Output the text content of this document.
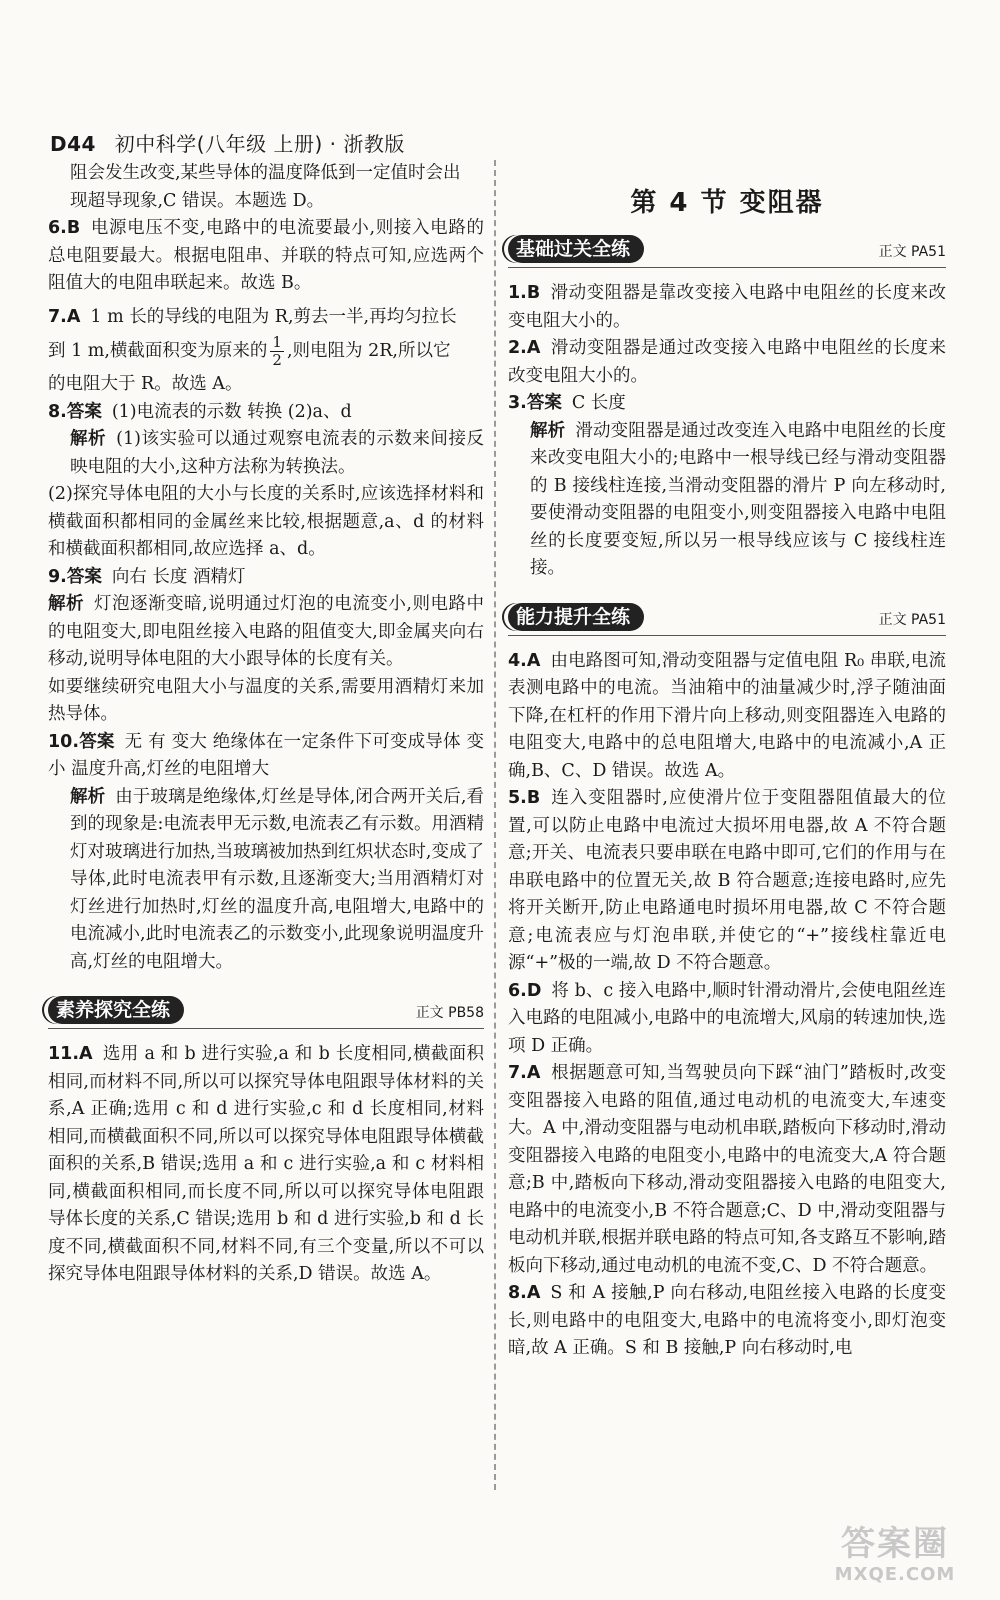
D44 初中科学(八年级 上册) · 浙教版

阻会发生改变,某些导体的温度降低到一定值时会出

现超导现象,C 错误。本题选 D。

6.B 电源电压不变,电路中的电流要最小,则接入电路的总电阻要最大。根据电阻串、并联的特点可知,应选两个阻值大的电阻串联起来。故选 B。

7.A 1 m 长的导线的电阻为 R,剪去一半,再均匀拉长

到 1 m,横截面积变为原来的 $\frac{1}{2}$ ,则电阻为 2R,所以它

的电阻大于 R。故选 A。

8.答案 (1)电流表的示数 转换 (2)a、d

解析 (1)该实验可以通过观察电流表的示数来间接反映电阻的大小,这种方法称为转换法。

(2)探究导体电阻的大小与长度的关系时,应该选择材料和横截面积都相同的金属丝来比较,根据题意,a、d 的材料和横截面积都相同,故应选择 a、d。

9.答案 向右 长度 酒精灯

解析 灯泡逐渐变暗,说明通过灯泡的电流变小,则电路中的电阻变大,即电阻丝接入电路的阻值变大,即金属夹向右移动,说明导体电阻的大小跟导体的长度有关。

如要继续研究电阻大小与温度的关系,需要用酒精灯来加热导体。

10.答案 无 有 变大 绝缘体在一定条件下可变成导体 变小 温度升高,灯丝的电阻增大

解析 由于玻璃是绝缘体,灯丝是导体,闭合两开关后,看到的现象是:电流表甲无示数,电流表乙有示数。用酒精灯对玻璃进行加热,当玻璃被加热到红炽状态时,变成了导体,此时电流表甲有示数,且逐渐变大;当用酒精灯对灯丝进行加热时,灯丝的温度升高,电阻增大,电路中的电流减小,此时电流表乙的示数变小,此现象说明温度升高,灯丝的电阻增大。

素养探究全练	正文 PB58

11.A 选用 a 和 b 进行实验,a 和 b 长度相同,横截面积相同,而材料不同,所以可以探究导体电阻跟导体材料的关系,A 正确;选用 c 和 d 进行实验,c 和 d 长度相同,材料相同,而横截面积不同,所以可以探究导体电阻跟导体横截面积的关系,B 错误;选用 a 和 c 进行实验,a 和 c 材料相同,横截面积相同,而长度不同,所以可以探究导体电阻跟导体长度的关系,C 错误;选用 b 和 d 进行实验,b 和 d 长度不同,横截面积不同,材料不同,有三个变量,所以不可以探究导体电阻跟导体材料的关系,D 错误。故选 A。

第 4 节 变阻器
基础过关全练	正文 PA51

1.B 滑动变阻器是靠改变接入电路中电阻丝的长度来改变电阻大小的。

2.A 滑动变阻器是通过改变接入电路中电阻丝的长度来改变电阻大小的。

3.答案 C 长度

解析 滑动变阻器是通过改变连入电路中电阻丝的长度来改变电阻大小的;电路中一根导线已经与滑动变阻器的 B 接线柱连接,当滑动变阻器的滑片 P 向左移动时,要使滑动变阻器的电阻变小,则变阻器接入电路中电阻丝的长度要变短,所以另一根导线应该与 C 接线柱连接。

能力提升全练	正文 PA51

4.A 由电路图可知,滑动变阻器与定值电阻 R₀ 串联,电流表测电路中的电流。当油箱中的油量减少时,浮子随油面下降,在杠杆的作用下滑片向上移动,则变阻器连入电路的电阻变大,电路中的总电阻增大,电路中的电流减小,A 正确,B、C、D 错误。故选 A。

5.B 连入变阻器时,应使滑片位于变阻器阻值最大的位置,可以防止电路中电流过大损坏用电器,故 A 不符合题意;开关、电流表只要串联在电路中即可,它们的作用与在串联电路中的位置无关,故 B 符合题意;连接电路时,应先将开关断开,防止电路通电时损坏用电器,故 C 不符合题意;电流表应与灯泡串联,并使它的“+”接线柱靠近电源“+”极的一端,故 D 不符合题意。

6.D 将 b、c 接入电路中,顺时针滑动滑片,会使电阻丝连入电路的电阻减小,电路中的电流增大,风扇的转速加快,选项 D 正确。

7.A 根据题意可知,当驾驶员向下踩“油门”踏板时,改变变阻器接入电路的阻值,通过电动机的电流变大,车速变大。A 中,滑动变阻器与电动机串联,踏板向下移动时,滑动变阻器接入电路的电阻变小,电路中的电流变大,A 符合题意;B 中,踏板向下移动,滑动变阻器接入电路的电阻变大,电路中的电流变小,B 不符合题意;C、D 中,滑动变阻器与电动机并联,根据并联电路的特点可知,各支路互不影响,踏板向下移动,通过电动机的电流不变,C、D 不符合题意。

8.A S 和 A 接触,P 向右移动,电阻丝接入电路的长度变长,则电路中的电阻变大,电路中的电流将变小,即灯泡变暗,故 A 正确。S 和 B 接触,P 向右移动时,电

答案圈
MXQE.COM
